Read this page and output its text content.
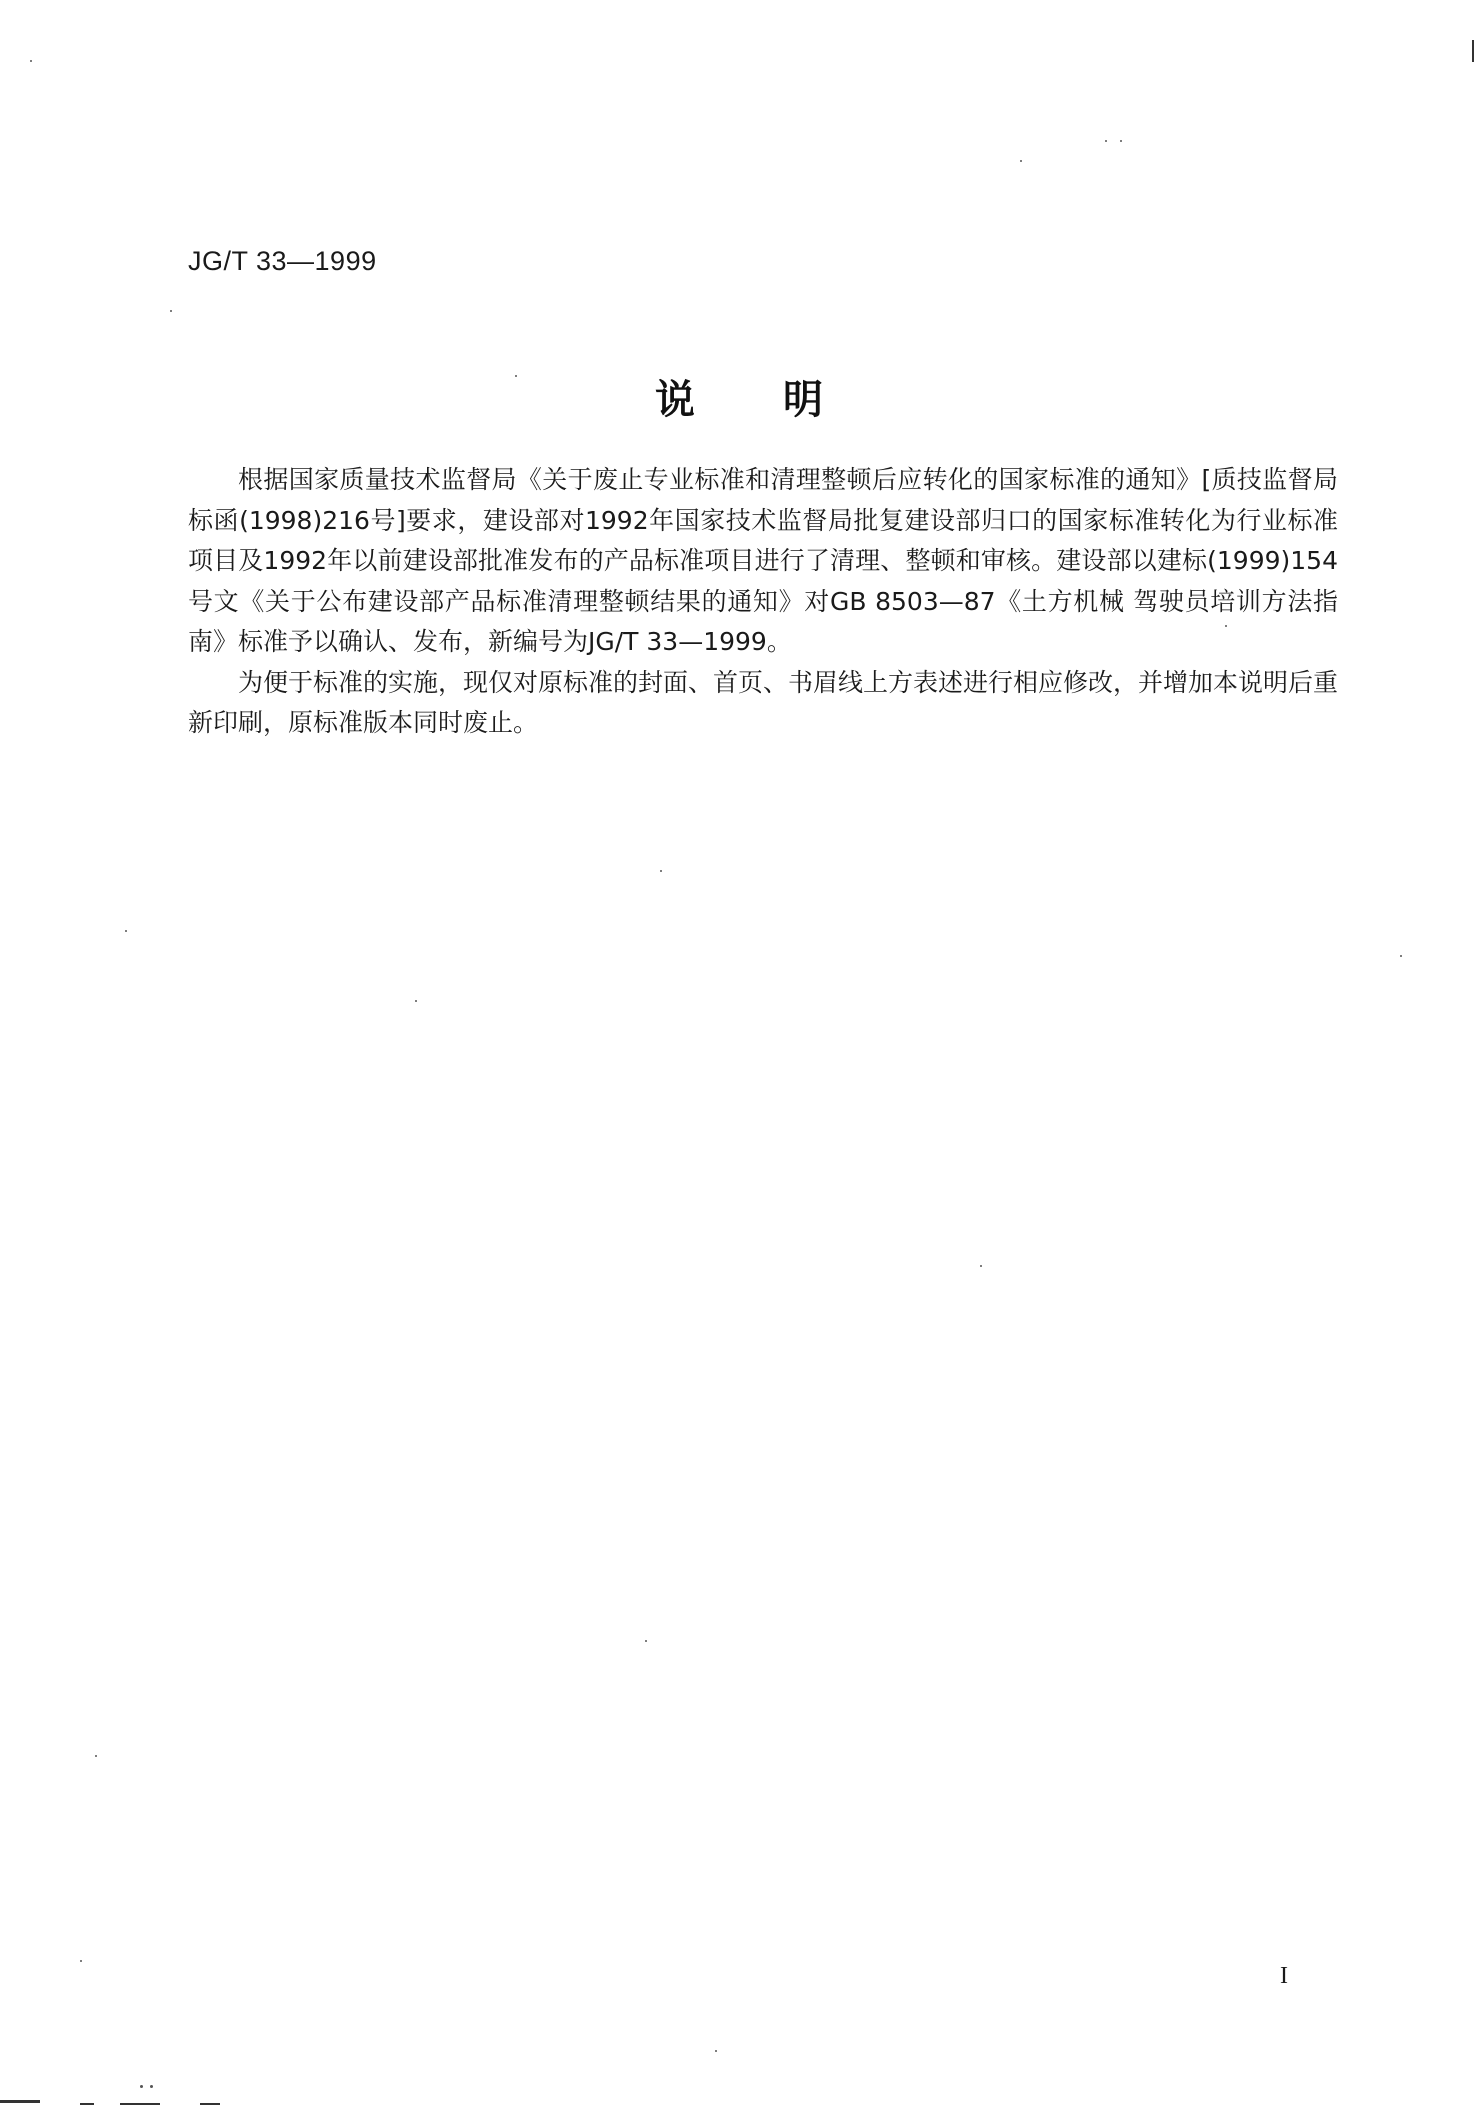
JG/T 33—1999
说明

根据国家质量技术监督局《关于废止专业标准和清理整顿后应转化的国家标准的通知》[质技监督局标函(1998)216号]要求，建设部对1992年国家技术监督局批复建设部归口的国家标准转化为行业标准项目及1992年以前建设部批准发布的产品标准项目进行了清理、整顿和审核。建设部以建标(1999)154号文《关于公布建设部产品标准清理整顿结果的通知》对GB 8503—87《土方机械 驾驶员培训方法指南》标准予以确认、发布，新编号为JG/T 33—1999。

为便于标准的实施，现仅对原标准的封面、首页、书眉线上方表述进行相应修改，并增加本说明后重新印刷，原标准版本同时废止。

I
